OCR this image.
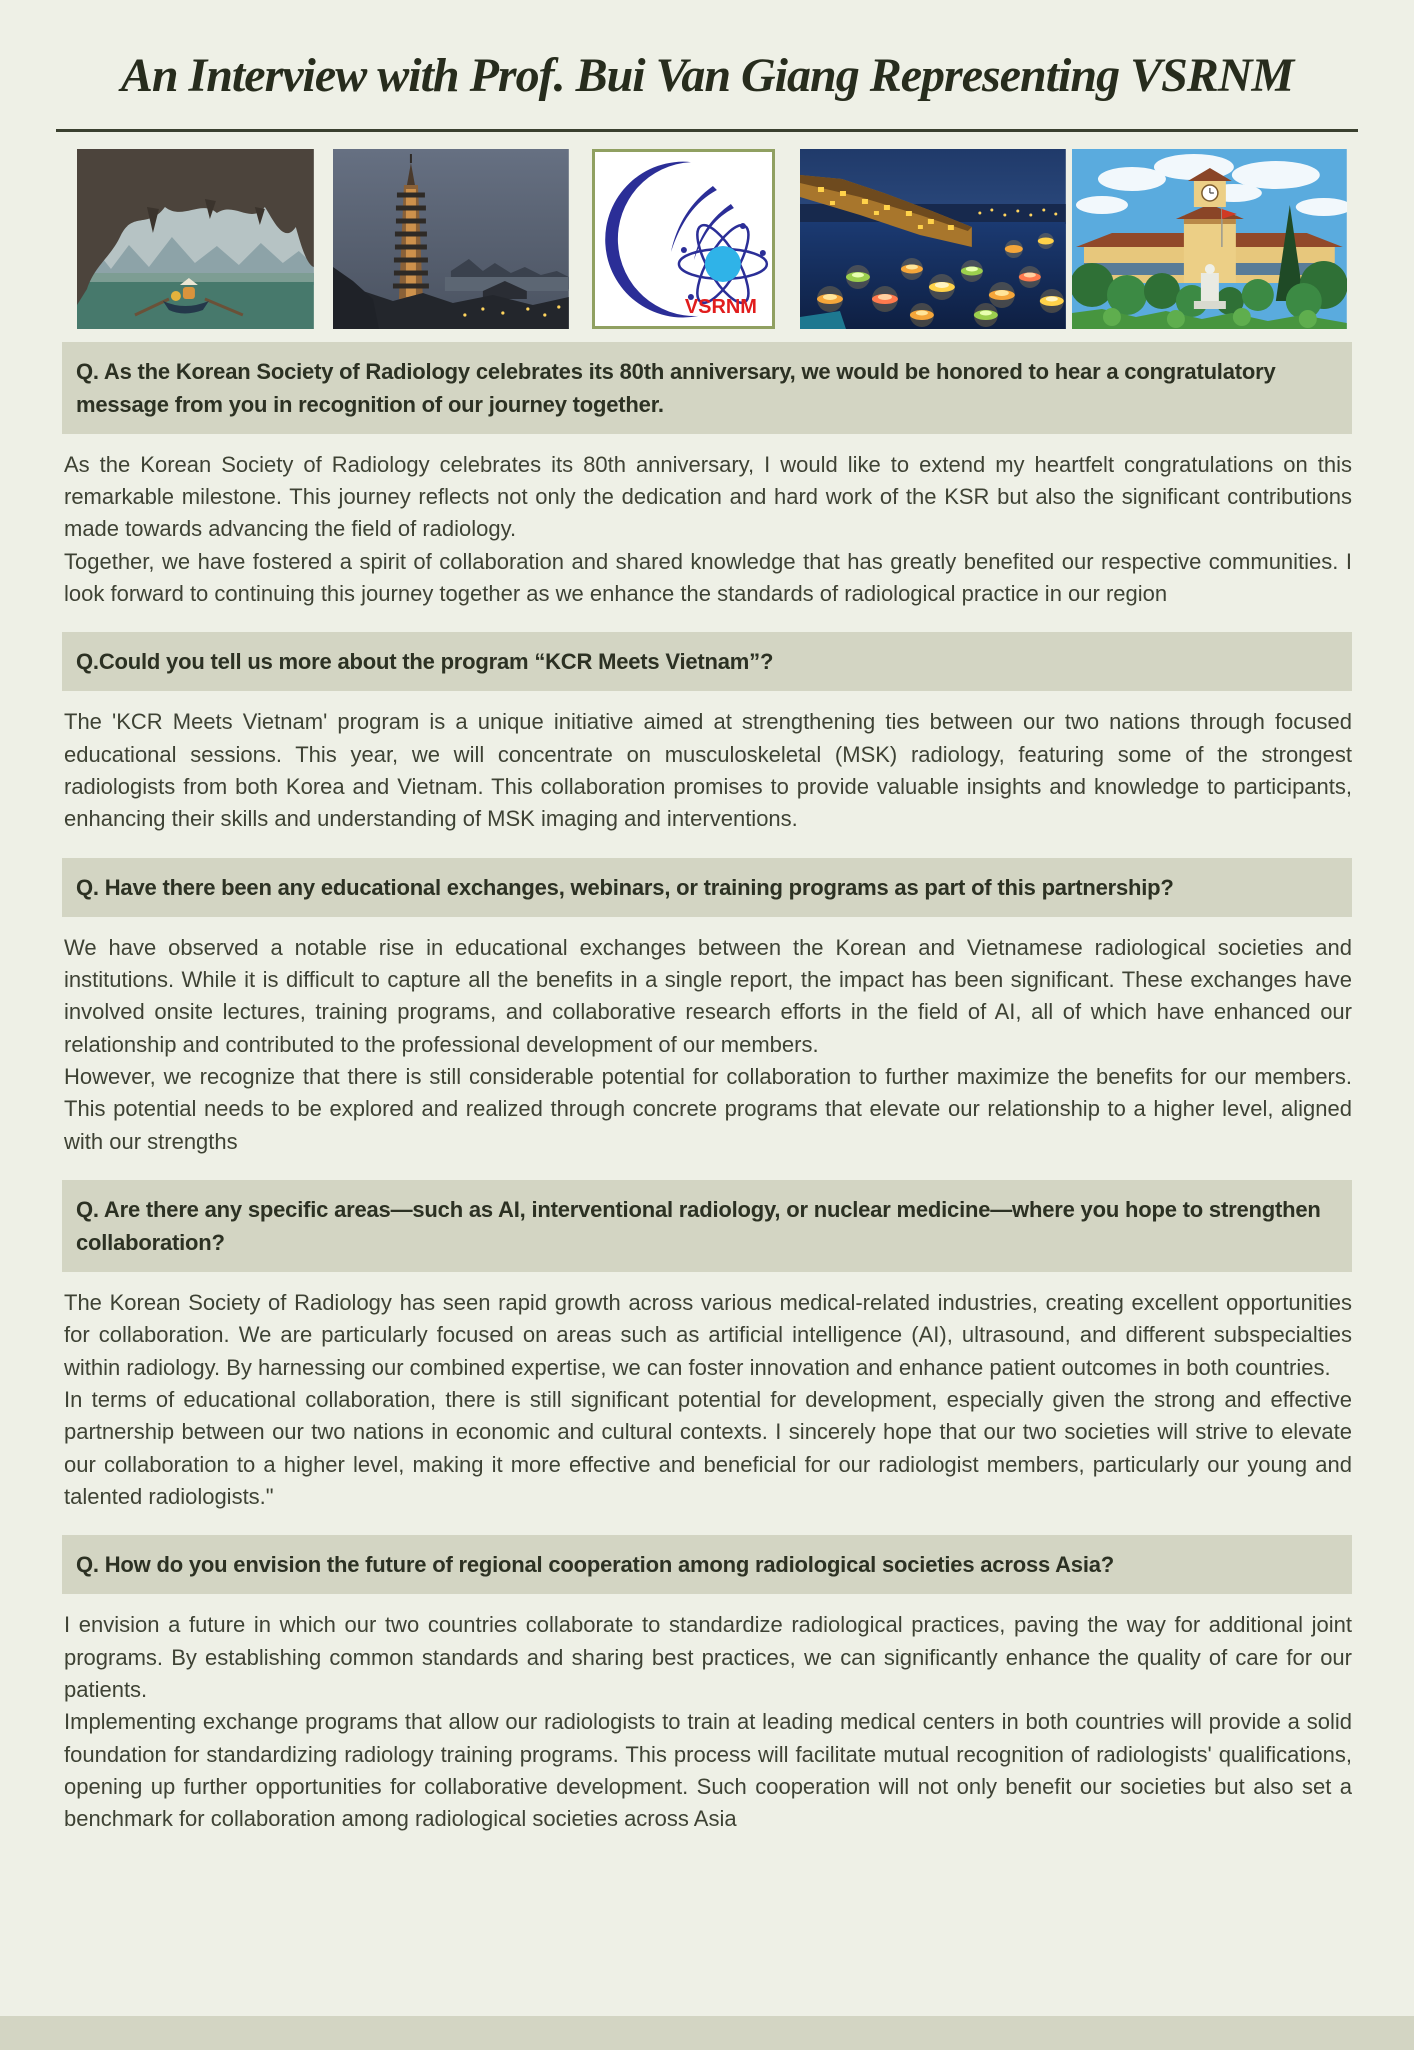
An Interview with Prof. Bui Van Giang Representing VSRNM
VSRNM
Q. As the Korean Society of Radiology celebrates its 80th anniversary, we would be honored to hear a congratulatory message from you in recognition of our journey together.

As the Korean Society of Radiology celebrates its 80th anniversary, I would like to extend my heartfelt congratulations on this remarkable milestone. This journey reflects not only the dedication and hard work of the KSR but also the significant contributions made towards advancing the field of radiology.

Together, we have fostered a spirit of collaboration and shared knowledge that has greatly benefited our respective communities. I look forward to continuing this journey together as we enhance the standards of radiological practice in our region

Q.Could you tell us more about the program “KCR Meets Vietnam”?

The 'KCR Meets Vietnam' program is a unique initiative aimed at strengthening ties between our two nations through focused educational sessions. This year, we will concentrate on musculoskeletal (MSK) radiology, featuring some of the strongest radiologists from both Korea and Vietnam. This collaboration promises to provide valuable insights and knowledge to participants, enhancing their skills and understanding of MSK imaging and interventions.

Q. Have there been any educational exchanges, webinars, or training programs as part of this partnership?

We have observed a notable rise in educational exchanges between the Korean and Vietnamese radiological societies and institutions. While it is difficult to capture all the benefits in a single report, the impact has been significant. These exchanges have involved onsite lectures, training programs, and collaborative research efforts in the field of AI, all of which have enhanced our relationship and contributed to the professional development of our members.

However, we recognize that there is still considerable potential for collaboration to further maximize the benefits for our members. This potential needs to be explored and realized through concrete programs that elevate our relationship to a higher level, aligned with our strengths

Q. Are there any specific areas—such as AI, interventional radiology, or nuclear medicine—where you hope to strengthen collaboration?

The Korean Society of Radiology has seen rapid growth across various medical-related industries, creating excellent opportunities for collaboration. We are particularly focused on areas such as artificial intelligence (AI), ultrasound, and different subspecialties within radiology. By harnessing our combined expertise, we can foster innovation and enhance patient outcomes in both countries.

In terms of educational collaboration, there is still significant potential for development, especially given the strong and effective partnership between our two nations in economic and cultural contexts. I sincerely hope that our two societies will strive to elevate our collaboration to a higher level, making it more effective and beneficial for our radiologist members, particularly our young and talented radiologists."

Q. How do you envision the future of regional cooperation among radiological societies across Asia?

I envision a future in which our two countries collaborate to standardize radiological practices, paving the way for additional joint programs. By establishing common standards and sharing best practices, we can significantly enhance the quality of care for our patients.

Implementing exchange programs that allow our radiologists to train at leading medical centers in both countries will provide a solid foundation for standardizing radiology training programs. This process will facilitate mutual recognition of radiologists' qualifications, opening up further opportunities for collaborative development. Such cooperation will not only benefit our societies but also set a benchmark for collaboration among radiological societies across Asia
